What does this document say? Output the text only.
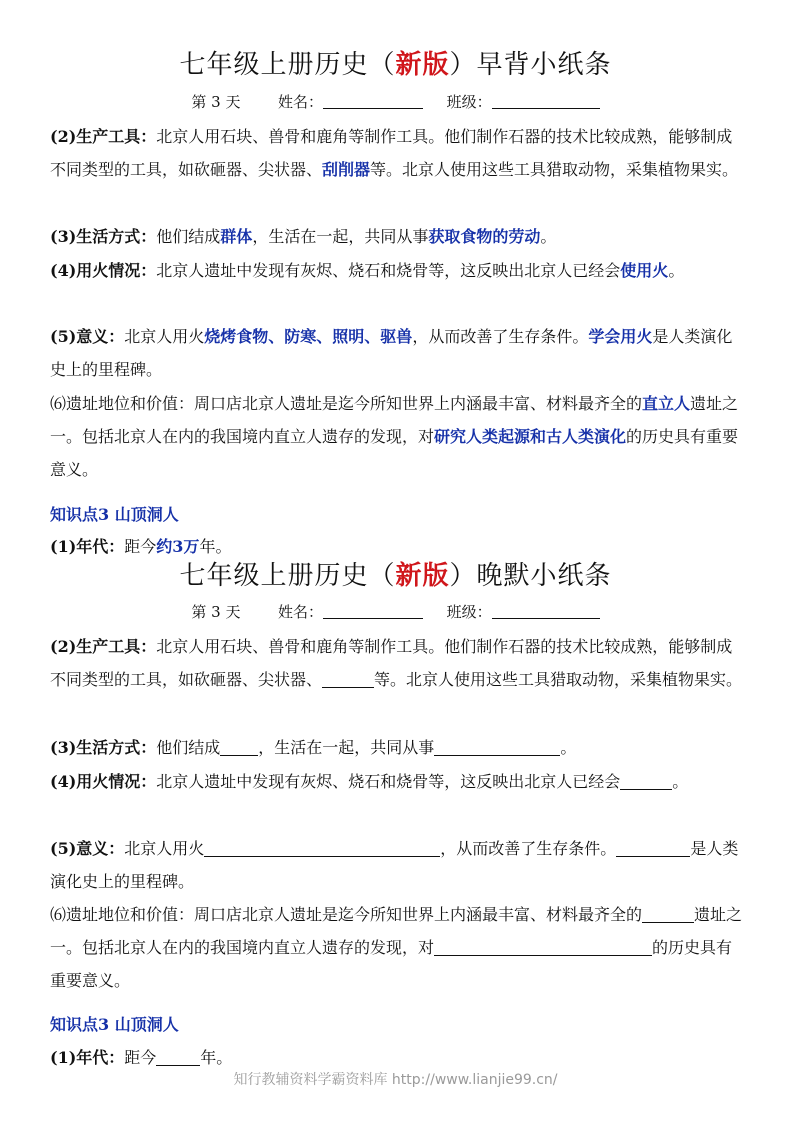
七年级上册历史（新版）早背小纸条
第 3 天	姓名：	班级：
(2)生产工具：北京人用石块、兽骨和鹿角等制作工具。他们制作石器的技术比较成熟，能够制成不同类型的工具，如砍砸器、尖状器、刮削器等。北京人使用这些工具猎取动物，采集植物果实。
(3)生活方式：他们结成群体，生活在一起，共同从事获取食物的劳动。
(4)用火情况：北京人遗址中发现有灰烬、烧石和烧骨等，这反映出北京人已经会使用火。
(5)意义：北京人用火烧烤食物、防寒、照明、驱兽，从而改善了生存条件。学会用火是人类演化史上的里程碑。
⑹遗址地位和价值：周口店北京人遗址是迄今所知世界上内涵最丰富、材料最齐全的直立人遗址之一。包括北京人在内的我国境内直立人遗存的发现，对研究人类起源和古人类演化的历史具有重要意义。
知识点3 山顶洞人
(1)年代：距今约3万年。
七年级上册历史（新版）晚默小纸条
第 3 天	姓名：	班级：
(2)生产工具：北京人用石块、兽骨和鹿角等制作工具。他们制作石器的技术比较成熟，能够制成不同类型的工具，如砍砸器、尖状器、	等。北京人使用这些工具猎取动物，采集植物果实。
(3)生活方式：他们结成 ，生活在一起，共同从事	。
(4)用火情况：北京人遗址中发现有灰烬、烧石和烧骨等，这反映出北京人已经会	。
(5)意义：北京人用火	，从而改善了生存条件。	是人类演化史上的里程碑。
⑹遗址地位和价值：周口店北京人遗址是迄今所知世界上内涵最丰富、材料最齐全的	遗址之一。包括北京人在内的我国境内直立人遗存的发现，对	的历史具有重要意义。
知识点3 山顶洞人
(1)年代：距今	年。
知行教辅资料学霸资料库 http://www.lianjie99.cn/
